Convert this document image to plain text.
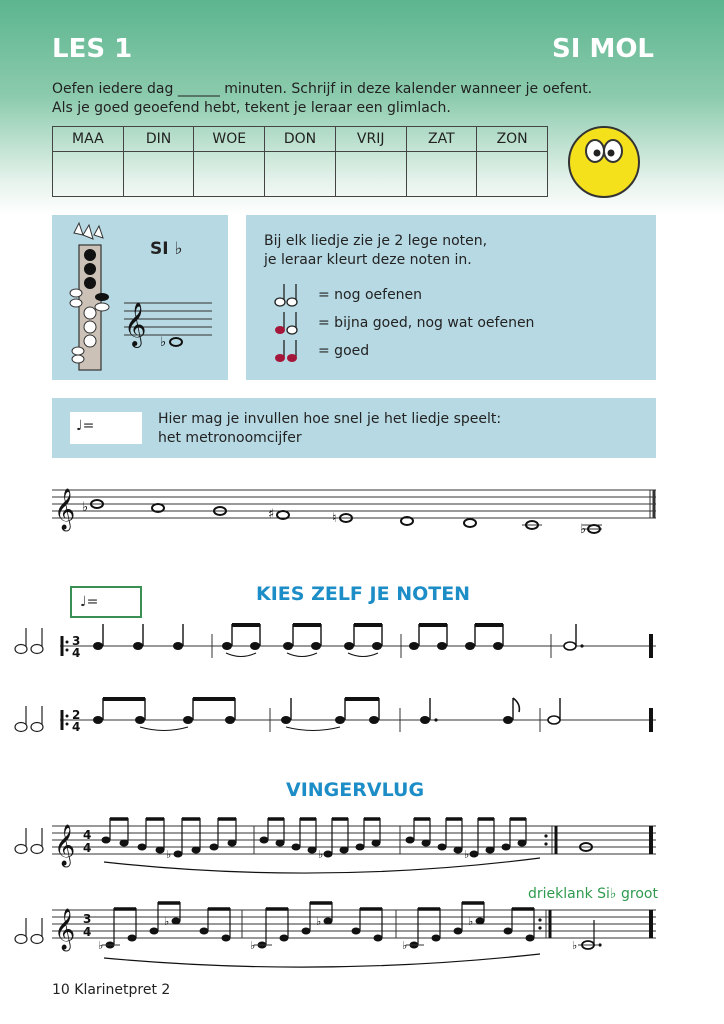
LES 1	SI MOL
Oefen iedere dag ______ minuten. Schrijf in deze kalender wanneer je oefent.
Als je goed geoefend hebt, tekent je leraar een glimlach.
MAA	DIN	WOE	DON	VRIJ	ZAT	ZON

𝄞 ♭
SI ♭	Bij elk liedje zie je 2 lege noten,
je leraar kleurt deze noten in.
= nog oefenen
= bijna goed, nog wat oefenen
= goed
♩=	Hier mag je invullen hoe snel je het liedje speelt:
het metronoomcijfer
𝄞 ♭	♯	♮
♭
KIES ZELF JE NOTEN
♩=
3
4
2
4
VINGERVLUG
𝄞 4
4	♭	♭	♭
drieklank Si♭ groot
𝄞 3
4
♭
♭
♭
♭
♭
♭
♭
10 Klarinetpret 2
